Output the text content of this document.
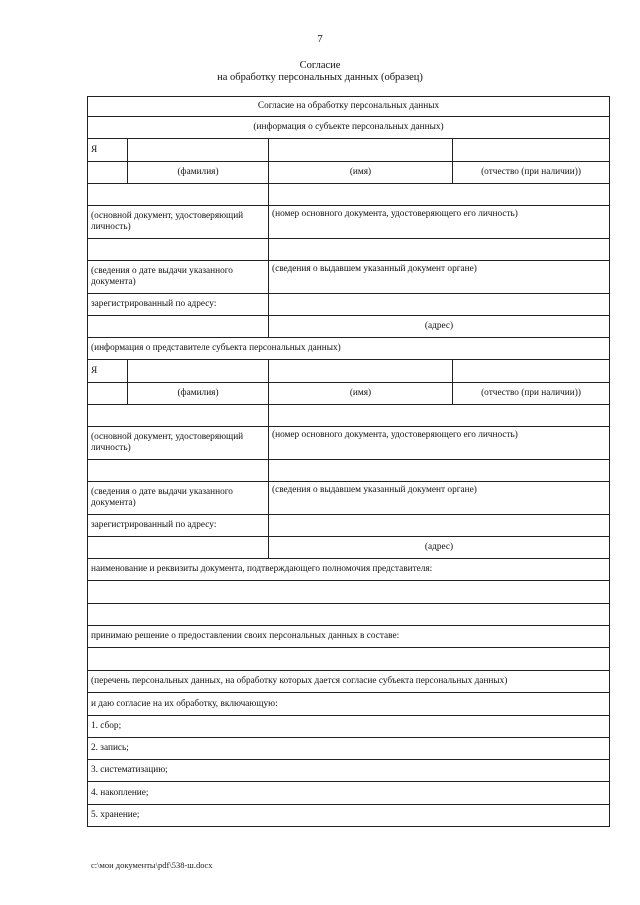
7
Согласие
на обработку персональных данных (образец)
Согласие на обработку персональных данных			
(информация о субъекте персональных данных)			
Я			
	(фамилия)	(имя)	(отчество (при наличии))

(основной документ, удостоверяющий личность)		(номер основного документа, удостоверяющего его личность)	

(сведения о дате выдачи указанного документа)		(сведения о выдавшем указанный документ органе)	
зарегистрированный по адресу:			
		(адрес)	
(информация о представителе субъекта персональных данных)			
Я			
	(фамилия)	(имя)	(отчество (при наличии))

(основной документ, удостоверяющий личность)		(номер основного документа, удостоверяющего его личность)	

(сведения о дате выдачи указанного документа)		(сведения о выдавшем указанный документ органе)	
зарегистрированный по адресу:			
		(адрес)	
наименование и реквизиты документа, подтверждающего полномочия представителя:			

принимаю решение о предоставлении своих персональных данных в составе:			

(перечень персональных данных, на обработку которых дается согласие субъекта персональных данных)			
и даю согласие на их обработку, включающую:			
1. сбор;			
2. запись;			
3. систематизацию;			
4. накопление;			
5. хранение;			
c:\мои документы\pdf\538-ш.docx
